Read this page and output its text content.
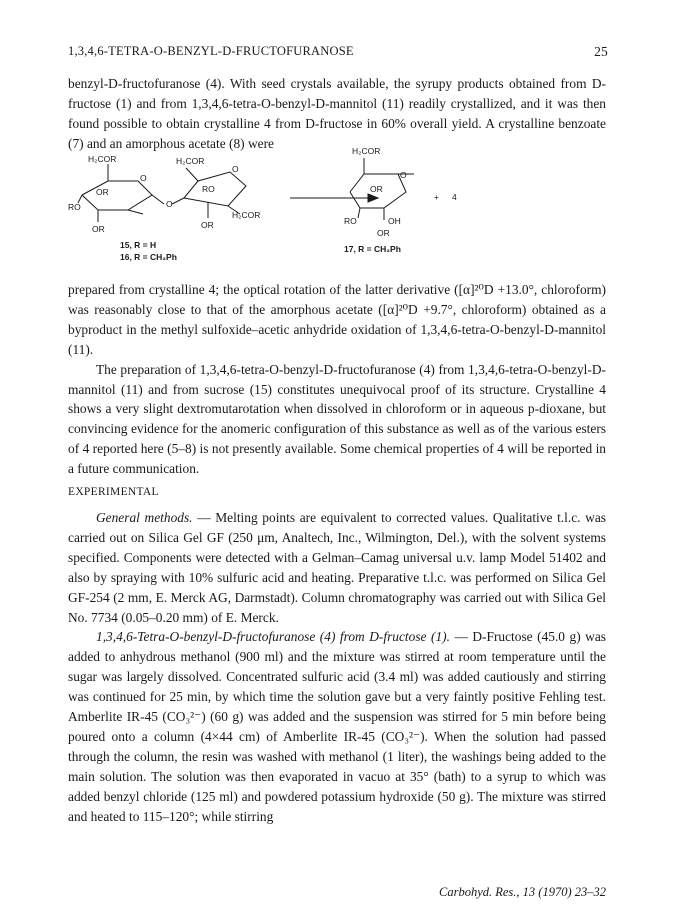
1,3,4,6-TETRA-O-BENZYL-D-FRUCTOFURANOSE	25

benzyl-D-fructofuranose (4). With seed crystals available, the syrupy products obtained from D-fructose (1) and from 1,3,4,6-tetra-O-benzyl-D-mannitol (11) readily crystallized, and it was then found possible to obtain crystalline 4 from D-fructose in 60% overall yield. A crystalline benzoate (7) and an amorphous acetate (8) were

H₂COR
OR
RO
OR
O
O
H₂COR
RO
H₂COR
OR
O
H₂COR
OR
RO	OH
OR
O
+ 4
15, R = H
16, R = CH₂Ph
17, R = CH₂Ph

prepared from crystalline 4; the optical rotation of the latter derivative ([α]²⁰D +13.0°, chloroform) was reasonably close to that of the amorphous acetate ([α]²⁰D +9.7°, chloroform) obtained as a byproduct in the methyl sulfoxide–acetic anhydride oxidation of 1,3,4,6-tetra-O-benzyl-D-mannitol (11).

The preparation of 1,3,4,6-tetra-O-benzyl-D-fructofuranose (4) from 1,3,4,6-tetra-O-benzyl-D-mannitol (11) and from sucrose (15) constitutes unequivocal proof of its structure. Crystalline 4 shows a very slight dextromutarotation when dissolved in chloroform or in aqueous p-dioxane, but convincing evidence for the anomeric configuration of this substance as well as of the various esters of 4 reported here (5–8) is not presently available. Some chemical properties of 4 will be reported in a future communication.

EXPERIMENTAL

General methods. — Melting points are equivalent to corrected values. Qualitative t.l.c. was carried out on Silica Gel GF (250 μm, Analtech, Inc., Wilmington, Del.), with the solvent systems specified. Components were detected with a Gelman–Camag universal u.v. lamp Model 51402 and also by spraying with 10% sulfuric acid and heating. Preparative t.l.c. was performed on Silica Gel GF-254 (2 mm, E. Merck AG, Darmstadt). Column chromatography was carried out with Silica Gel No. 7734 (0.05–0.20 mm) of E. Merck.

1,3,4,6-Tetra-O-benzyl-D-fructofuranose (4) from D-fructose (1). — D-Fructose (45.0 g) was added to anhydrous methanol (900 ml) and the mixture was stirred at room temperature until the sugar was largely dissolved. Concentrated sulfuric acid (3.4 ml) was added cautiously and stirring was continued for 25 min, by which time the solution gave but a very faintly positive Fehling test. Amberlite IR-45 (CO₃²⁻) (60 g) was added and the suspension was stirred for 5 min before being poured onto a column (4×44 cm) of Amberlite IR-45 (CO₃²⁻). When the solution had passed through the column, the resin was washed with methanol (1 liter), the washings being added to the main solution. The solution was then evaporated in vacuo at 35° (bath) to a syrup to which was added benzyl chloride (125 ml) and powdered potassium hydroxide (50 g). The mixture was stirred and heated to 115–120°; while stirring

Carbohyd. Res., 13 (1970) 23–32
